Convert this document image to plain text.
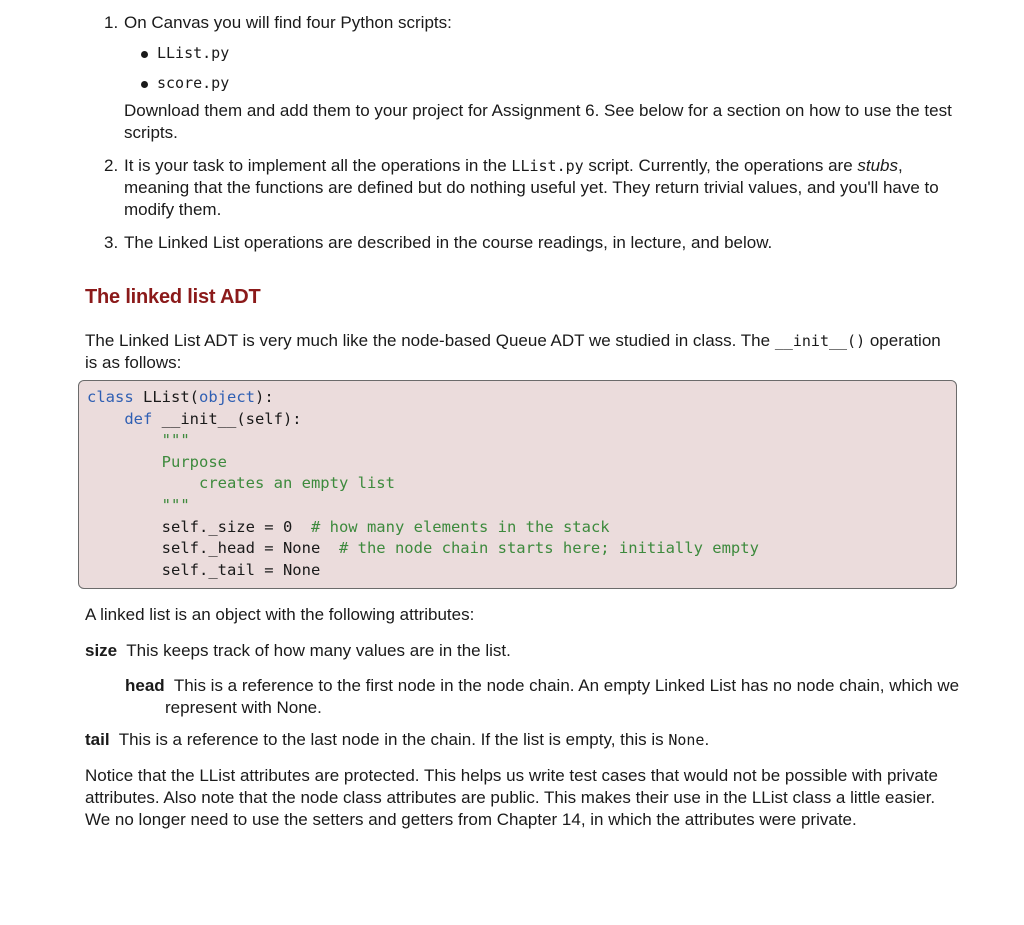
1. On Canvas you will find four Python scripts:
LList.py
score.py
Download them and add them to your project for Assignment 6. See below for a section on how to use the test scripts.
2. It is your task to implement all the operations in the LList.py script. Currently, the operations are stubs, meaning that the functions are defined but do nothing useful yet. They return trivial values, and you'll have to modify them.
3. The Linked List operations are described in the course readings, in lecture, and below.
The linked list ADT
The Linked List ADT is very much like the node-based Queue ADT we studied in class. The __init__() operation is as follows:
class LList(object):
def __init__(self):
"""
Purpose
creates an empty list
"""
self._size = 0 # how many elements in the stack
self._head = None # the node chain starts here; initially empty
self._tail = None
A linked list is an object with the following attributes:
size This keeps track of how many values are in the list.
head This is a reference to the first node in the node chain. An empty Linked List has no node chain, which we represent with None.
tail This is a reference to the last node in the chain. If the list is empty, this is None.
Notice that the LList attributes are protected. This helps us write test cases that would not be possible with private attributes. Also note that the node class attributes are public. This makes their use in the LList class a little easier. We no longer need to use the setters and getters from Chapter 14, in which the attributes were private.
